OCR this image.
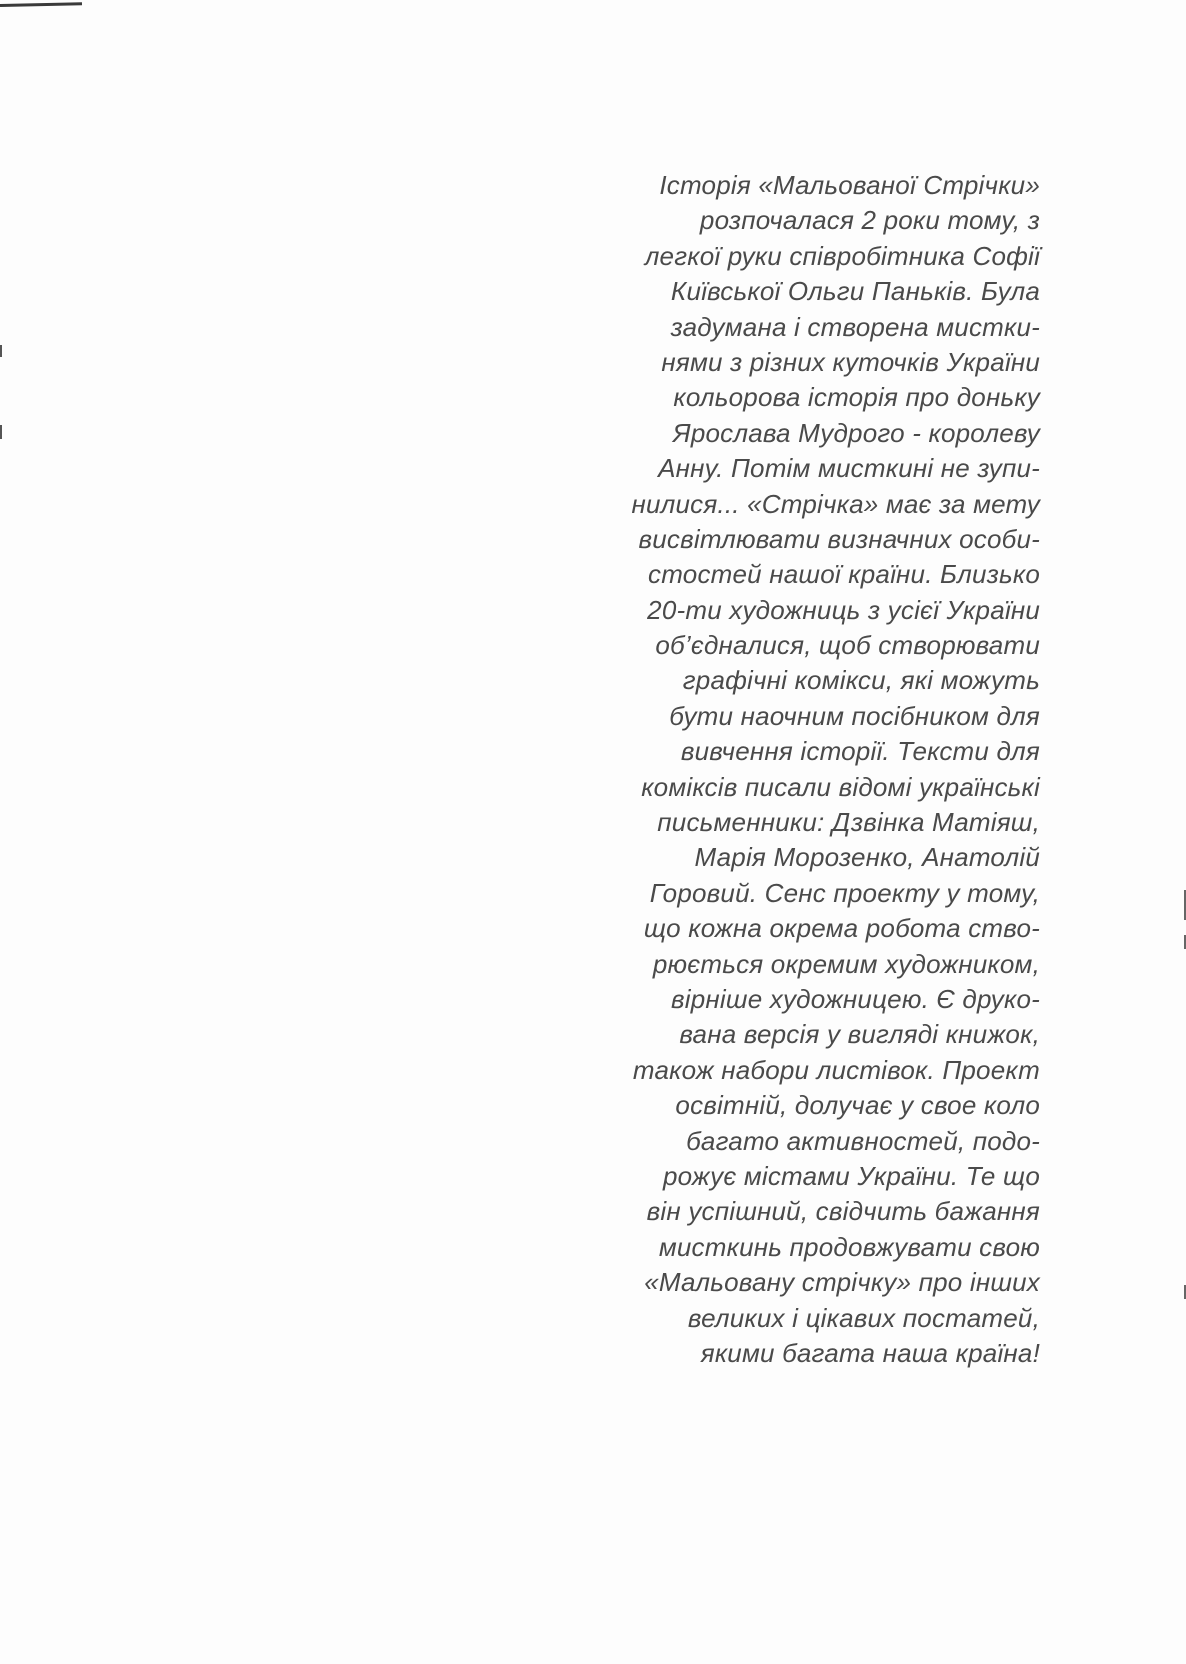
Історія «Мальованої Стрічки»
розпочалася 2 роки тому, з
легкої руки співробітника Софії
Київської Ольги Паньків. Була
задумана і створена мистки-
нями з різних куточків України
кольорова історія про доньку
Ярослава Мудрого - королеву
Анну. Потім мисткині не зупи-
нилися... «Стрічка» має за мету
висвітлювати визначних особи-
стостей нашої країни. Близько
20-ти художниць з усієї України
об’єдналися, щоб створювати
графічні комікси, які можуть
бути наочним посібником для
вивчення історії. Тексти для
коміксів писали відомі українські
письменники: Дзвінка Матіяш,
Марія Морозенко, Анатолій
Горовий. Сенс проекту у тому,
що кожна окрема робота ство-
рюється окремим художником,
вірніше художницею. Є друко-
вана версія у вигляді книжок,
також набори листівок. Проект
освітній, долучає у свое коло
багато активностей, подо-
рожує містами України. Те що
він успішний, свідчить бажання
мисткинь продовжувати свою
«Мальовану стрічку» про інших
великих і цікавих постатей,
якими багата наша країна!
